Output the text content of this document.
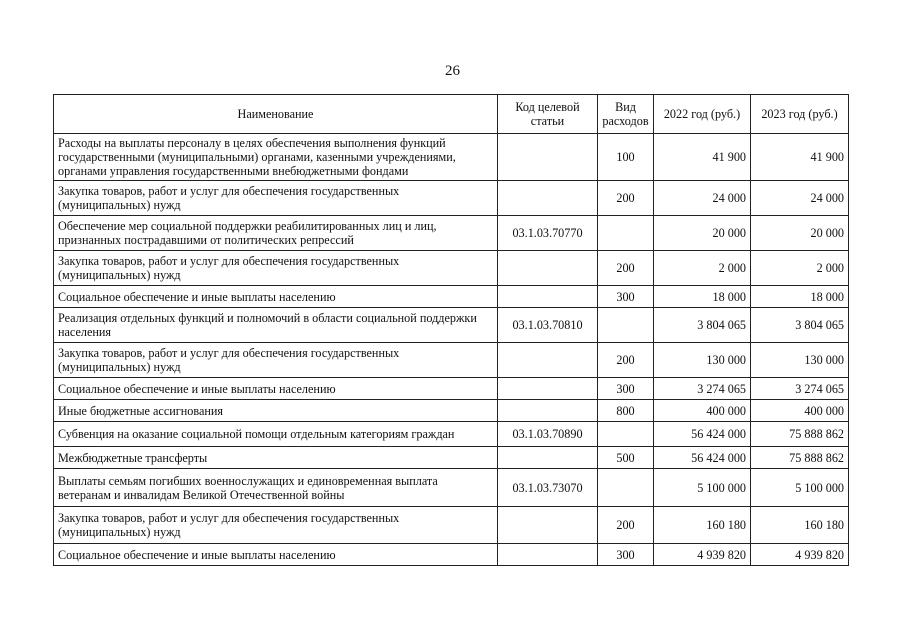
26
Наименование	Код целевой статьи	Вид расходов	2022 год (руб.)	2023 год (руб.)
Расходы на выплаты персоналу в целях обеспечения выполнения функций государственными (муниципальными) органами, казенными учреждениями, органами управления государственными внебюджетными фондами		100	41 900	41 900
Закупка товаров, работ и услуг для обеспечения государственных (муниципальных) нужд		200	24 000	24 000
Обеспечение мер социальной поддержки реабилитированных лиц и лиц, признанных пострадавшими от политических репрессий	03.1.03.70770		20 000	20 000
Закупка товаров, работ и услуг для обеспечения государственных (муниципальных) нужд		200	2 000	2 000
Социальное обеспечение и иные выплаты населению		300	18 000	18 000
Реализация отдельных функций и полномочий в области социальной поддержки населения	03.1.03.70810		3 804 065	3 804 065
Закупка товаров, работ и услуг для обеспечения государственных (муниципальных) нужд		200	130 000	130 000
Социальное обеспечение и иные выплаты населению		300	3 274 065	3 274 065
Иные бюджетные ассигнования		800	400 000	400 000
Субвенция на оказание социальной помощи отдельным категориям граждан	03.1.03.70890		56 424 000	75 888 862
Межбюджетные трансферты		500	56 424 000	75 888 862
Выплаты семьям погибших военнослужащих и единовременная выплата ветеранам и инвалидам Великой Отечественной войны	03.1.03.73070		5 100 000	5 100 000
Закупка товаров, работ и услуг для обеспечения государственных (муниципальных) нужд		200	160 180	160 180
Социальное обеспечение и иные выплаты населению		300	4 939 820	4 939 820
